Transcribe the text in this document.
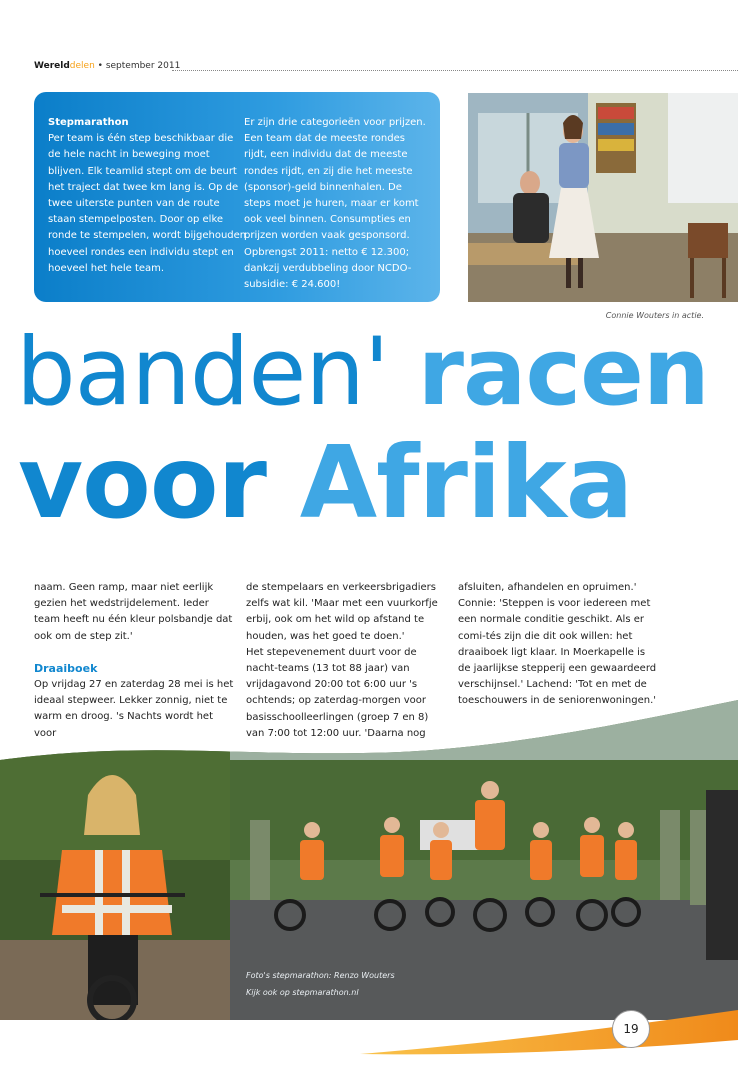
Werelddelen • september 2011
Stepmarathon
Per team is één step beschikbaar die de hele nacht in beweging moet blijven. Elk teamlid stept om de beurt het traject dat twee km lang is. Op de twee uiterste punten van de route staan stempelposten. Door op elke ronde te stempelen, wordt bijgehouden hoeveel rondes een individu stept en hoeveel het hele team.
Er zijn drie categorieën voor prijzen. Een team dat de meeste rondes rijdt, een individu dat de meeste rondes rijdt, en zij die het meeste (sponsor)-geld binnenhalen. De steps moet je huren, maar er komt ook veel binnen. Consumpties en prijzen worden vaak gesponsord. Opbrengst 2011: netto € 12.300; dankzij verdubbeling door NCDO-subsidie: € 24.600!
Connie Wouters in actie.
banden' racen
voor Afrika

naam. Geen ramp, maar niet eerlijk gezien het wedstrijdelement. Ieder team heeft nu één kleur polsbandje dat ook om de step zit.'

Draaiboek

Op vrijdag 27 en zaterdag 28 mei is het ideaal stepweer. Lekker zonnig, niet te warm en droog. 's Nachts wordt het voor

de stempelaars en verkeersbrigadiers zelfs wat kil. 'Maar met een vuurkorfje erbij, ook om het wild op afstand te houden, was het goed te doen.'

Het stepevenement duurt voor de nacht-teams (13 tot 88 jaar) van vrijdagavond 20:00 tot 6:00 uur 's ochtends; op zaterdag-morgen voor basisschoolleerlingen (groep 7 en 8) van 7:00 tot 12:00 uur. 'Daarna nog

afsluiten, afhandelen en opruimen.' Connie: 'Steppen is voor iedereen met een normale conditie geschikt. Als er comi-tés zijn die dit ook willen: het draaiboek ligt klaar. In Moerkapelle is de jaarlijkse stepperij een gewaardeerd verschijnsel.' Lachend: 'Tot en met de toeschouwers in de seniorenwoningen.'

Foto's stepmarathon: Renzo Wouters
Kijk ook op stepmarathon.nl
19
